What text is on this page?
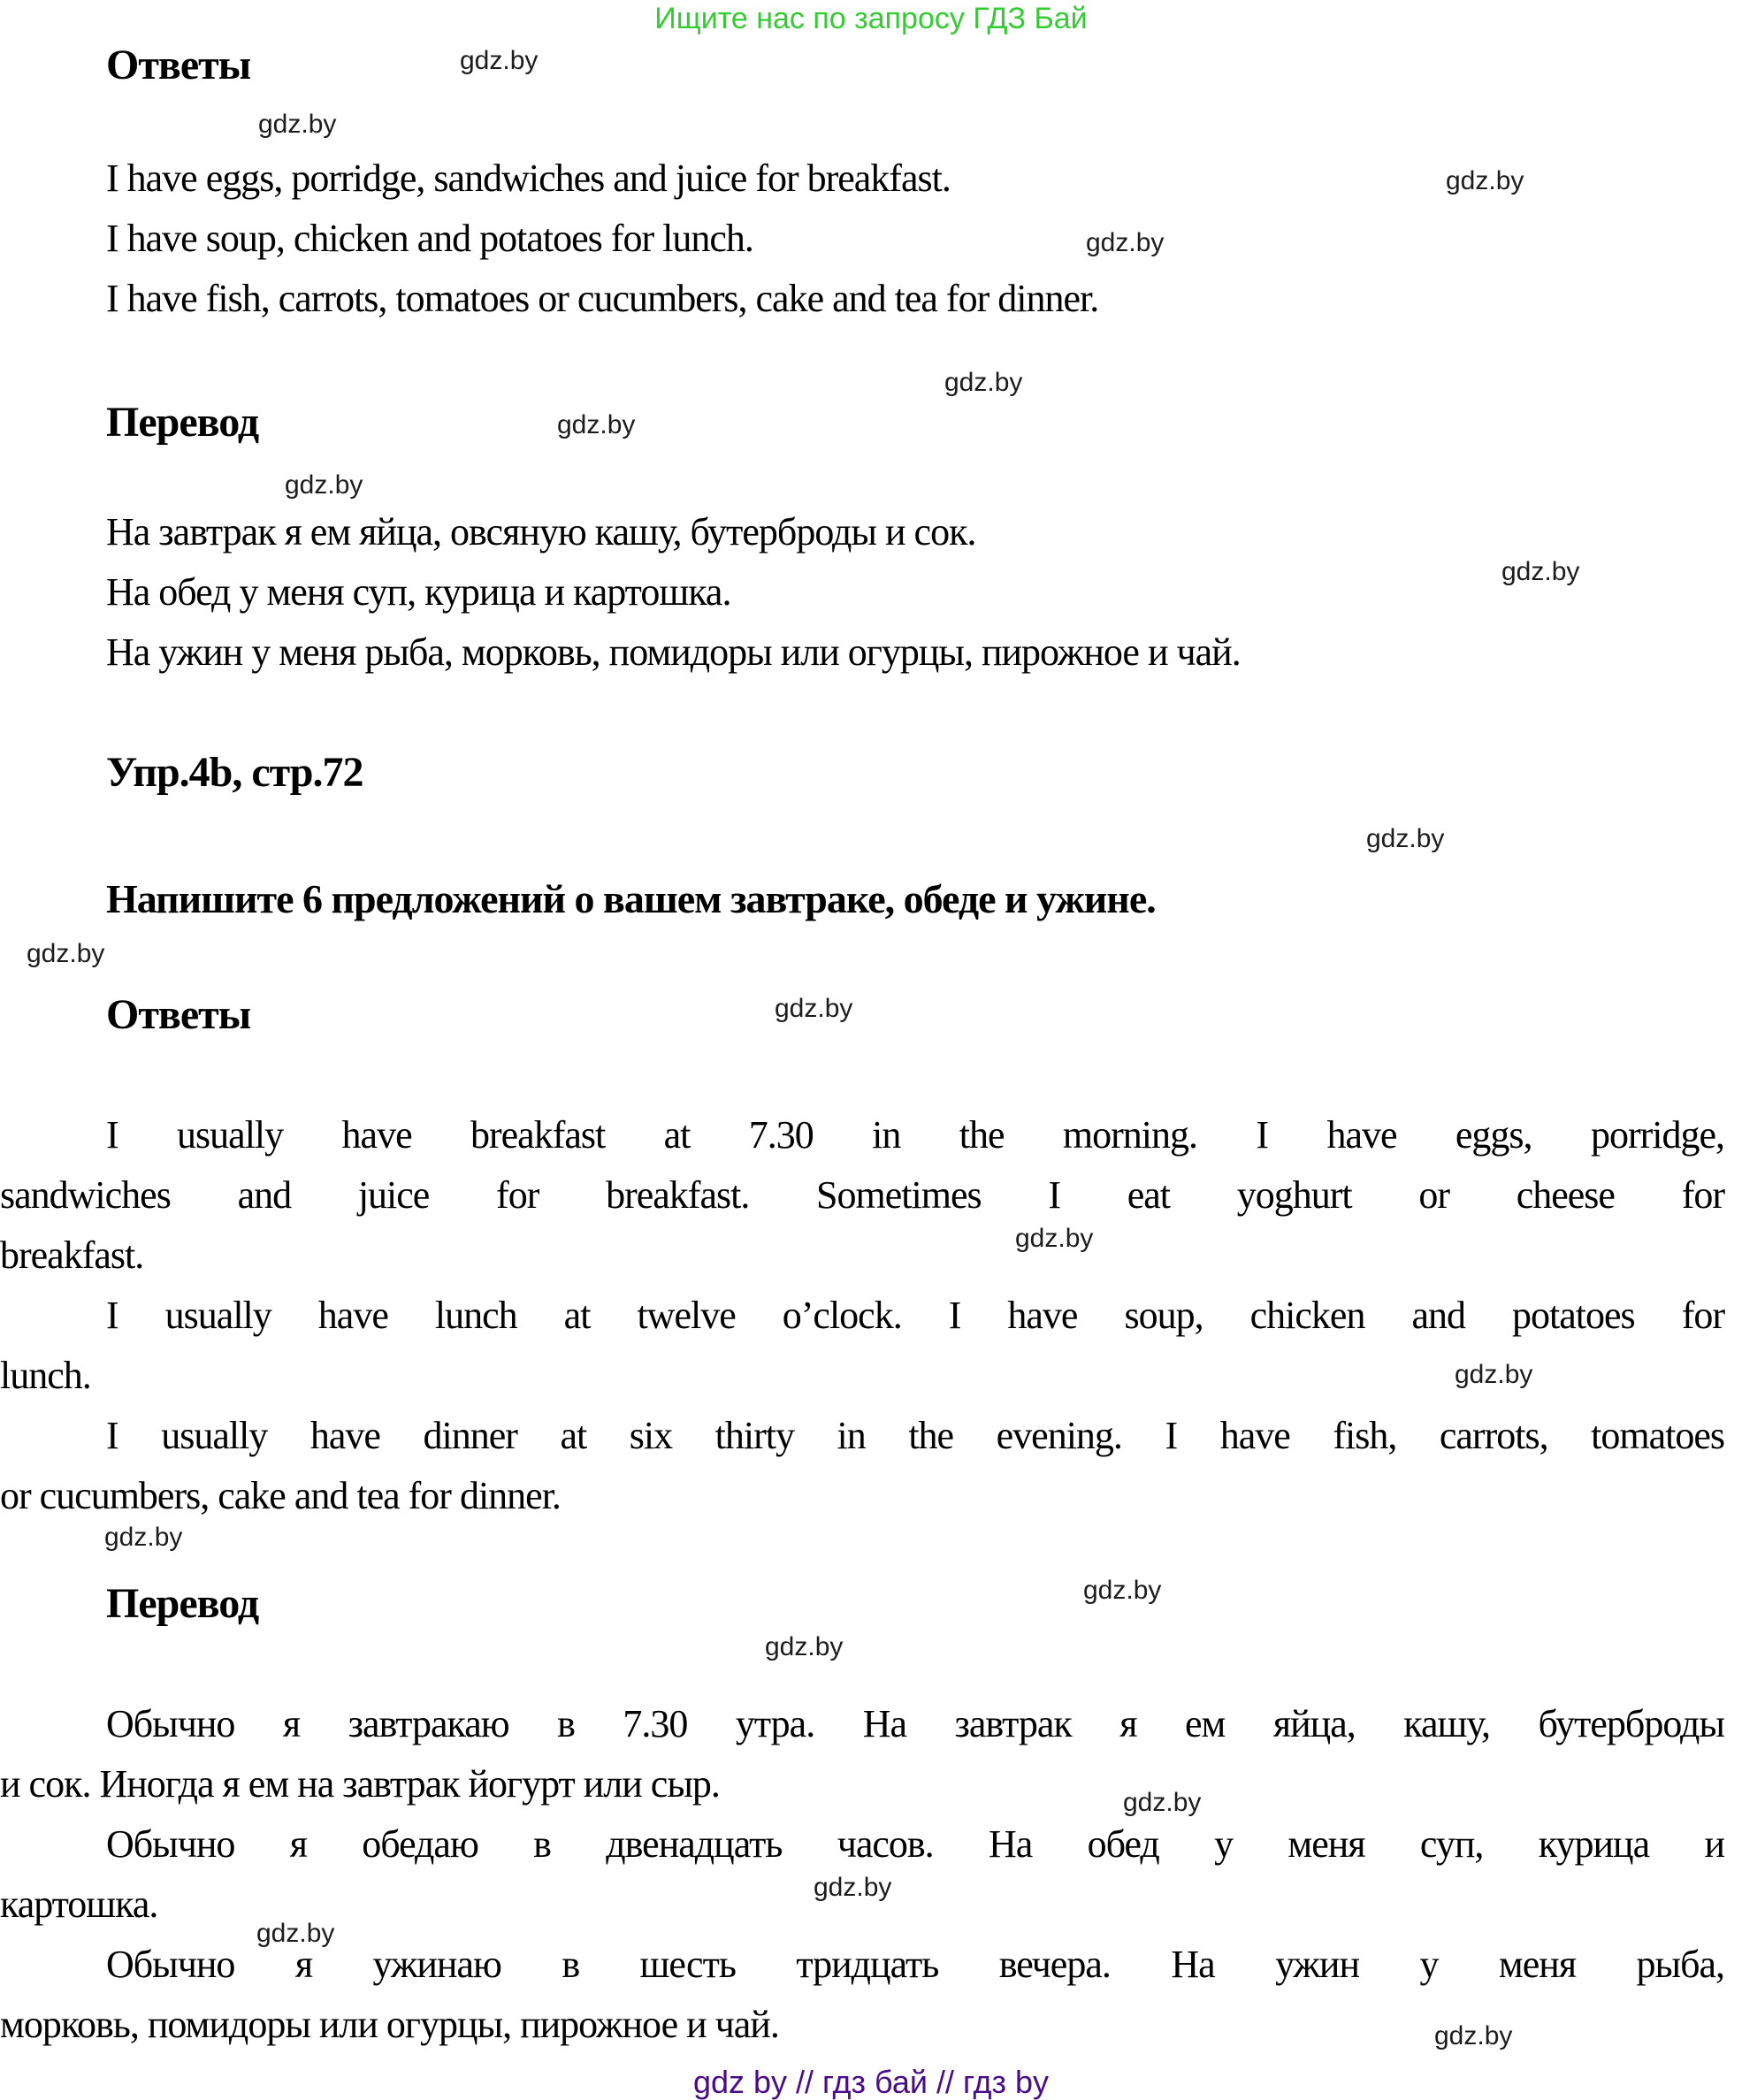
Ищите нас по запросу ГДЗ Бай
gdz.by
gdz.by
gdz.by
gdz.by
gdz.by
gdz.by
gdz.by
gdz.by
gdz.by
gdz.by
gdz.by
gdz.by
gdz.by
gdz.by
gdz.by
gdz.by
gdz.by
gdz.by
gdz.by
gdz.by
Ответы
I have eggs, porridge, sandwiches and juice for breakfast.
I have soup, chicken and potatoes for lunch.
I have fish, carrots, tomatoes or cucumbers, cake and tea for dinner.
Перевод
На завтрак я ем яйца, овсяную кашу, бутерброды и сок.
На обед у меня суп, курица и картошка.
На ужин у меня рыба, морковь, помидоры или огурцы, пирожное и чай.
Упр.4b, стр.72
Напишите 6 предложений о вашем завтраке, обеде и ужине.
Ответы
I usually have breakfast at 7.30 in the morning. I have eggs, porridge,
sandwiches and juice for breakfast. Sometimes I eat yoghurt or cheese for
breakfast.
I usually have lunch at twelve o’clock. I have soup, chicken and potatoes for
lunch.
I usually have dinner at six thirty in the evening. I have fish, carrots, tomatoes
or cucumbers, cake and tea for dinner.
Перевод
Обычно я завтракаю в 7.30 утра. На завтрак я ем яйца, кашу, бутерброды
и сок. Иногда я ем на завтрак йогурт или сыр.
Обычно я обедаю в двенадцать часов. На обед у меня суп, курица и
картошка.
Обычно я ужинаю в шесть тридцать вечера. На ужин у меня рыба,
морковь, помидоры или огурцы, пирожное и чай.
gdz by // гдз бай // гдз by
